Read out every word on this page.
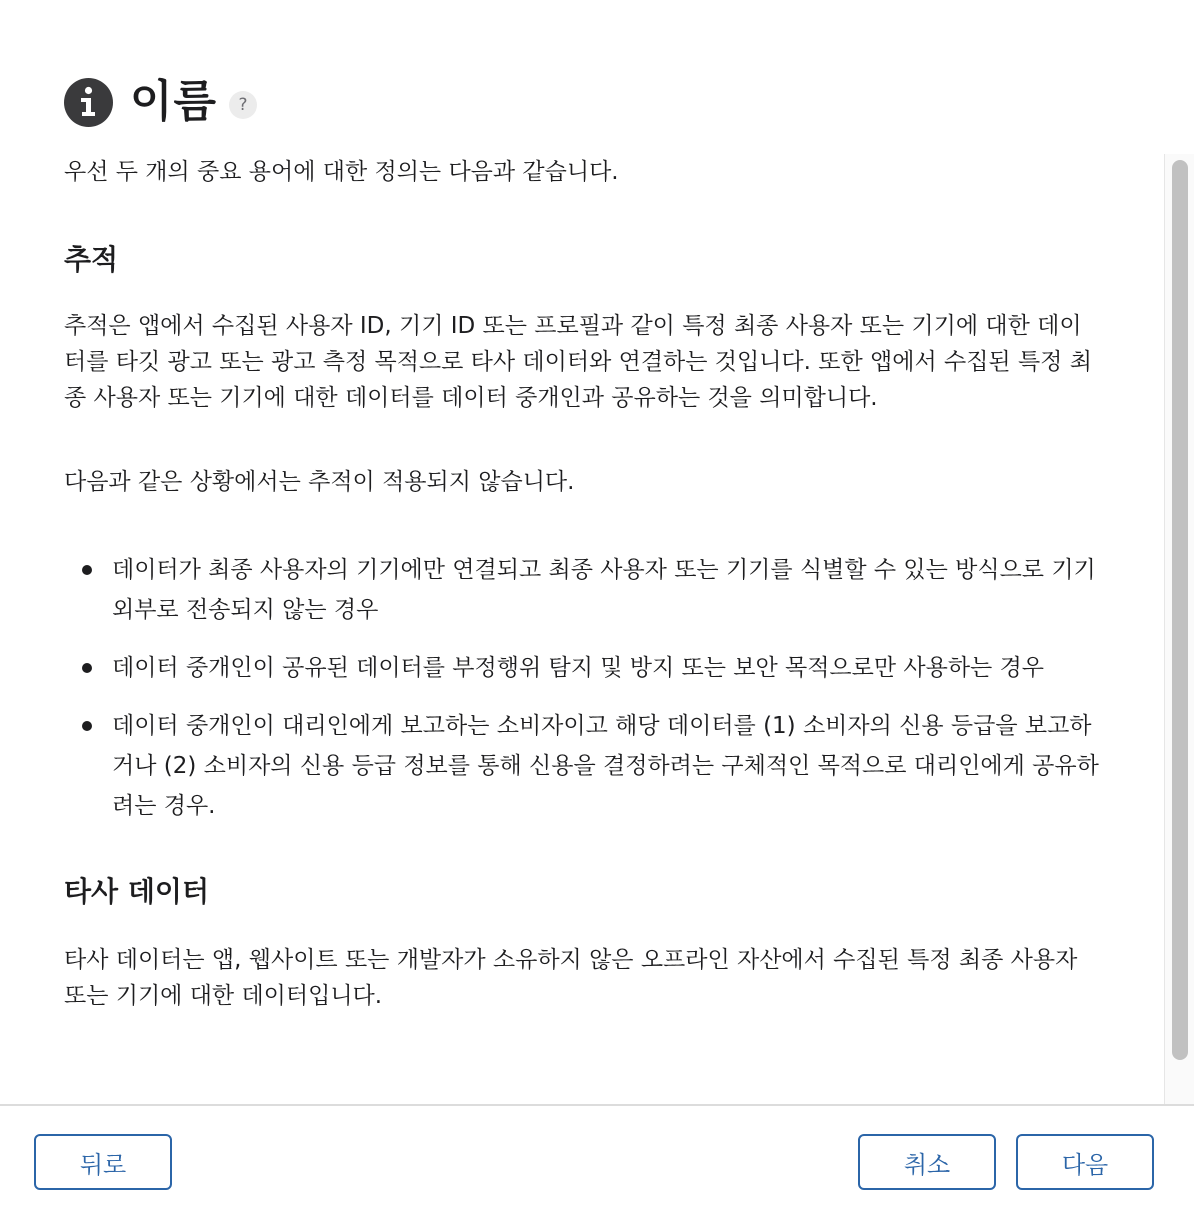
이름	?

우선 두 개의 중요 용어에 대한 정의는 다음과 같습니다.

추적

추적은 앱에서 수집된 사용자 ID, 기기 ID 또는 프로필과 같이 특정 최종 사용자 또는 기기에 대한 데이터를 타깃 광고 또는 광고 측정 목적으로 타사 데이터와 연결하는 것입니다. 또한 앱에서 수집된 특정 최종 사용자 또는 기기에 대한 데이터를 데이터 중개인과 공유하는 것을 의미합니다.

다음과 같은 상황에서는 추적이 적용되지 않습니다.

데이터가 최종 사용자의 기기에만 연결되고 최종 사용자 또는 기기를 식별할 수 있는 방식으로 기기 외부로 전송되지 않는 경우
데이터 중개인이 공유된 데이터를 부정행위 탐지 및 방지 또는 보안 목적으로만 사용하는 경우
데이터 중개인이 대리인에게 보고하는 소비자이고 해당 데이터를 (1) 소비자의 신용 등급을 보고하거나 (2) 소비자의 신용 등급 정보를 통해 신용을 결정하려는 구체적인 목적으로 대리인에게 공유하려는 경우.
타사 데이터

타사 데이터는 앱, 웹사이트 또는 개발자가 소유하지 않은 오프라인 자산에서 수집된 특정 최종 사용자 또는 기기에 대한 데이터입니다.

뒤로	취소	다음
